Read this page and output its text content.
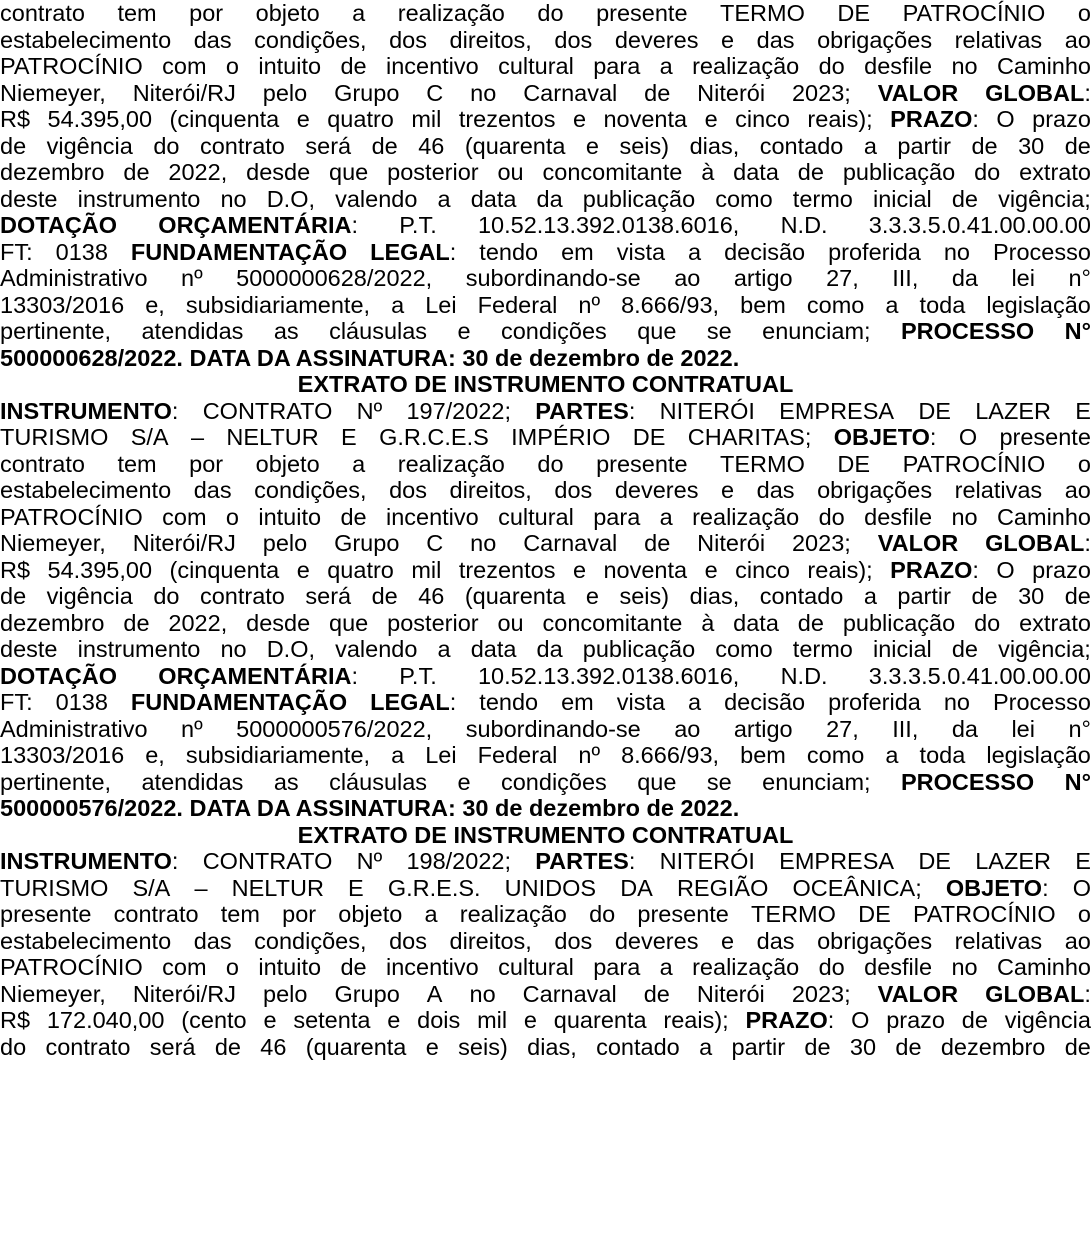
contrato tem por objeto a realização do presente TERMO DE PATROCÍNIO o
estabelecimento das condições, dos direitos, dos deveres e das obrigações relativas ao
PATROCÍNIO com o intuito de incentivo cultural para a realização do desfile no Caminho
Niemeyer, Niterói/RJ pelo Grupo C no Carnaval de Niterói 2023; VALOR GLOBAL:
R$ 54.395,00 (cinquenta e quatro mil trezentos e noventa e cinco reais); PRAZO: O prazo
de vigência do contrato será de 46 (quarenta e seis) dias, contado a partir de 30 de
dezembro de 2022, desde que posterior ou concomitante à data de publicação do extrato
deste instrumento no D.O, valendo a data da publicação como termo inicial de vigência;
DOTAÇÃO ORÇAMENTÁRIA: P.T. 10.52.13.392.0138.6016, N.D. 3.3.3.5.0.41.00.00.00
FT: 0138 FUNDAMENTAÇÃO LEGAL: tendo em vista a decisão proferida no Processo
Administrativo nº 5000000628/2022, subordinando-se ao artigo 27, III, da lei n°
13303/2016 e, subsidiariamente, a Lei Federal nº 8.666/93, bem como a toda legislação
pertinente, atendidas as cláusulas e condições que se enunciam; PROCESSO N°
500000628/2022. DATA DA ASSINATURA: 30 de dezembro de 2022.
EXTRATO DE INSTRUMENTO CONTRATUAL
INSTRUMENTO: CONTRATO Nº 197/2022; PARTES: NITERÓI EMPRESA DE LAZER E
TURISMO S/A – NELTUR E G.R.C.E.S IMPÉRIO DE CHARITAS; OBJETO: O presente
contrato tem por objeto a realização do presente TERMO DE PATROCÍNIO o
estabelecimento das condições, dos direitos, dos deveres e das obrigações relativas ao
PATROCÍNIO com o intuito de incentivo cultural para a realização do desfile no Caminho
Niemeyer, Niterói/RJ pelo Grupo C no Carnaval de Niterói 2023; VALOR GLOBAL:
R$ 54.395,00 (cinquenta e quatro mil trezentos e noventa e cinco reais); PRAZO: O prazo
de vigência do contrato será de 46 (quarenta e seis) dias, contado a partir de 30 de
dezembro de 2022, desde que posterior ou concomitante à data de publicação do extrato
deste instrumento no D.O, valendo a data da publicação como termo inicial de vigência;
DOTAÇÃO ORÇAMENTÁRIA: P.T. 10.52.13.392.0138.6016, N.D. 3.3.3.5.0.41.00.00.00
FT: 0138 FUNDAMENTAÇÃO LEGAL: tendo em vista a decisão proferida no Processo
Administrativo nº 5000000576/2022, subordinando-se ao artigo 27, III, da lei n°
13303/2016 e, subsidiariamente, a Lei Federal nº 8.666/93, bem como a toda legislação
pertinente, atendidas as cláusulas e condições que se enunciam; PROCESSO N°
500000576/2022. DATA DA ASSINATURA: 30 de dezembro de 2022.
EXTRATO DE INSTRUMENTO CONTRATUAL
INSTRUMENTO: CONTRATO Nº 198/2022; PARTES: NITERÓI EMPRESA DE LAZER E
TURISMO S/A – NELTUR E G.R.E.S. UNIDOS DA REGIÃO OCEÂNICA; OBJETO: O
presente contrato tem por objeto a realização do presente TERMO DE PATROCÍNIO o
estabelecimento das condições, dos direitos, dos deveres e das obrigações relativas ao
PATROCÍNIO com o intuito de incentivo cultural para a realização do desfile no Caminho
Niemeyer, Niterói/RJ pelo Grupo A no Carnaval de Niterói 2023; VALOR GLOBAL:
R$ 172.040,00 (cento e setenta e dois mil e quarenta reais); PRAZO: O prazo de vigência
do contrato será de 46 (quarenta e seis) dias, contado a partir de 30 de dezembro de
